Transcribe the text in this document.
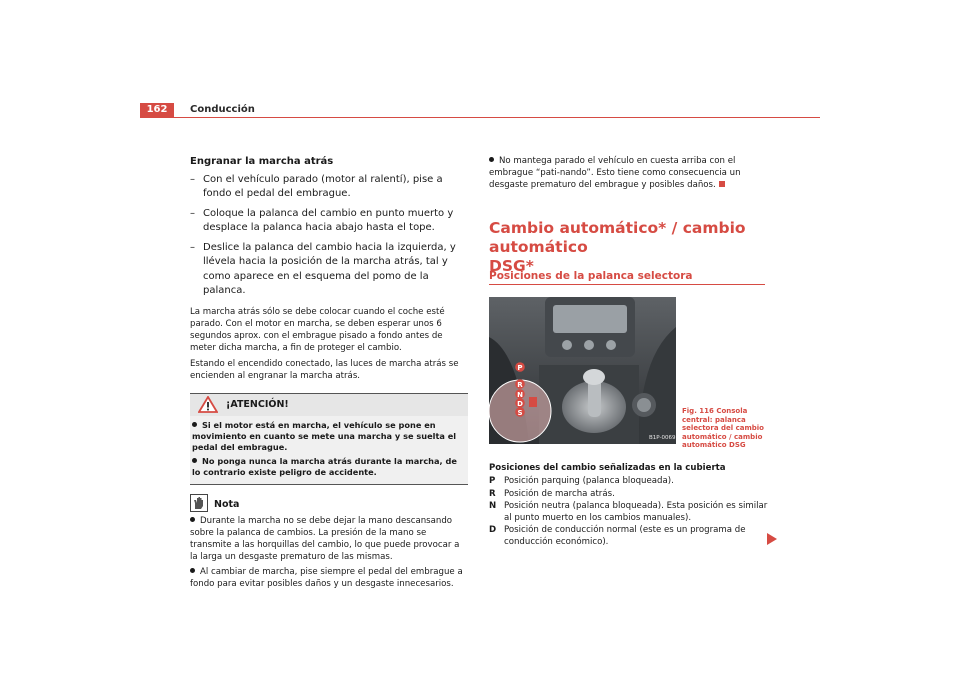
162	Conducción
Engranar la marcha atrás
– Con el vehículo parado (motor al ralentí), pise a fondo el pedal del embrague.
– Coloque la palanca del cambio en punto muerto y desplace la palanca hacia abajo hasta el tope.
– Deslice la palanca del cambio hacia la izquierda, y llévela hacia la posición de la marcha atrás, tal y como aparece en el esquema del pomo de la palanca.
La marcha atrás sólo se debe colocar cuando el coche esté parado. Con el motor en marcha, se deben esperar unos 6 segundos aprox. con el embrague pisado a fondo antes de meter dicha marcha, a fin de proteger el cambio.
Estando el encendido conectado, las luces de marcha atrás se encienden al engranar la marcha atrás.
¡ATENCIÓN!
Si el motor está en marcha, el vehículo se pone en movimiento en cuanto se mete una marcha y se suelta el pedal del embrague.
No ponga nunca la marcha atrás durante la marcha, de lo contrario existe peligro de accidente.
Nota
Durante la marcha no se debe dejar la mano descansando sobre la palanca de cambios. La presión de la mano se transmite a las horquillas del cambio, lo que puede provocar a la larga un desgaste prematuro de las mismas.
Al cambiar de marcha, pise siempre el pedal del embrague a fondo para evitar posibles daños y un desgaste innecesarios.
No mantega parado el vehículo en cuesta arriba con el embrague “pati-nando”. Esto tiene como consecuencia un desgaste prematuro del embrague y posibles daños.
Cambio automático* / cambio automático
DSG*
Posiciones de la palanca selectora
P
R
N
D
S
B1P-0069
Fig. 116 Consola central: palanca selectora del cambio automático / cambio automático DSG
Posiciones del cambio señalizadas en la cubierta
P	Posición parquing (palanca bloqueada).
R Posición de marcha atrás.
N Posición neutra (palanca bloqueada). Esta posición es similar al punto muerto en los cambios manuales).
D Posición de conducción normal (este es un programa de conducción económico).
